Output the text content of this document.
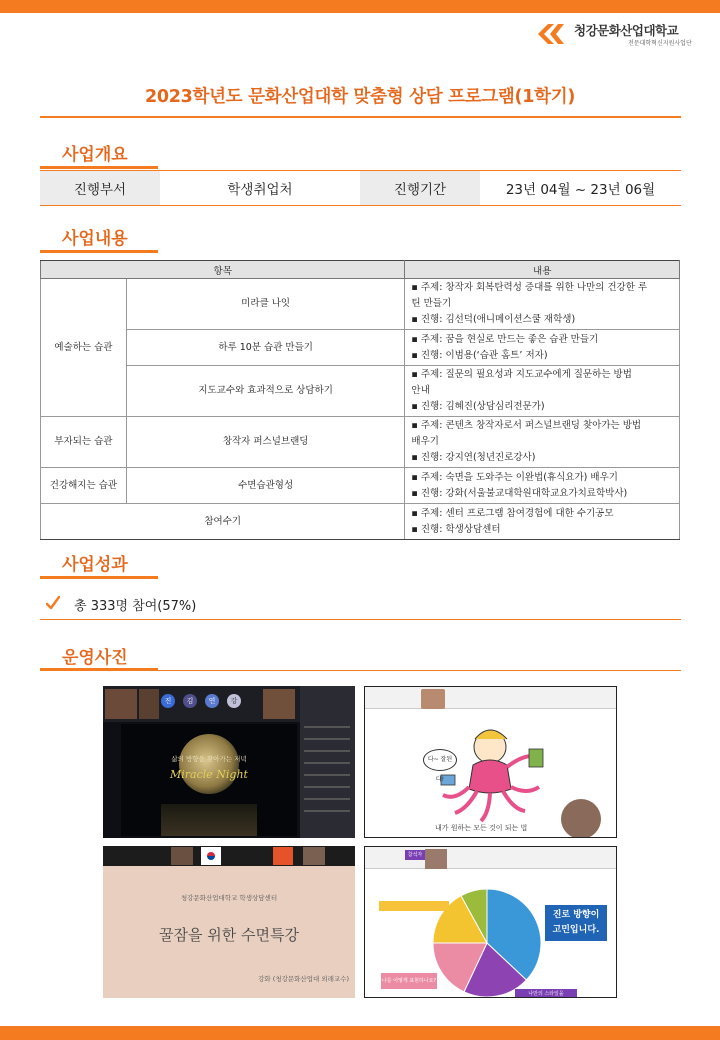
청강문화산업대학교
전문대학혁신지원사업단
2023학년도 문화산업대학 맞춤형 상담 프로그램(1학기)
사업개요
진행부서	학생취업처	진행기간	23년 04월 ~ 23년 06월
사업내용
항목		내용
예술하는 습관	미라클 나잇	▪ 주제: 창작자 회복탄력성 증대를 위한 나만의 건강한 루
틴 만들기
▪ 진행: 김선덕(애니메이션스쿨 재학생)

	하루 10분 습관 만들기	▪ 주제: 꿈을 현실로 만드는 좋은 습관 만들기
▪ 진행: 이범용(‘습관 홈트’ 저자)

	지도교수와 효과적으로 상담하기	▪ 주제: 질문의 필요성과 지도교수에게 질문하는 방법
안내
▪ 진행: 김혜진(상담심리전문가)

부자되는 습관	창작자 퍼스널브랜딩	▪ 주제: 콘텐츠 창작자로서 퍼스널브랜딩 찾아가는 방법
배우기
▪ 진행: 강지연(청년진로강사)

건강해지는 습관	수면습관형성	▪ 주제: 숙면을 도와주는 이완법(휴식요가) 배우기
▪ 진행: 강화(서울불교대학원대학교요가치료학박사)

참여수기		▪ 주제: 센터 프로그램 참여경험에 대한 수기공모
▪ 진행: 학생상담센터
사업성과
총 333명 참여(57%)
운영사진
진	김	연	강
삶의 방향을 찾아가는 저녁
Miracle Night
다~ 잘된다!
내가 원하는 모든 것이 되는 법
청강문화산업대학교 학생상담센터
꿀잠을 위한 수면특강
강화 (청강문화산업대 외래교수)
참석자
진로 방향이
고민입니다.
나를 어떻게 표현하나요?
나만의 스타일을
